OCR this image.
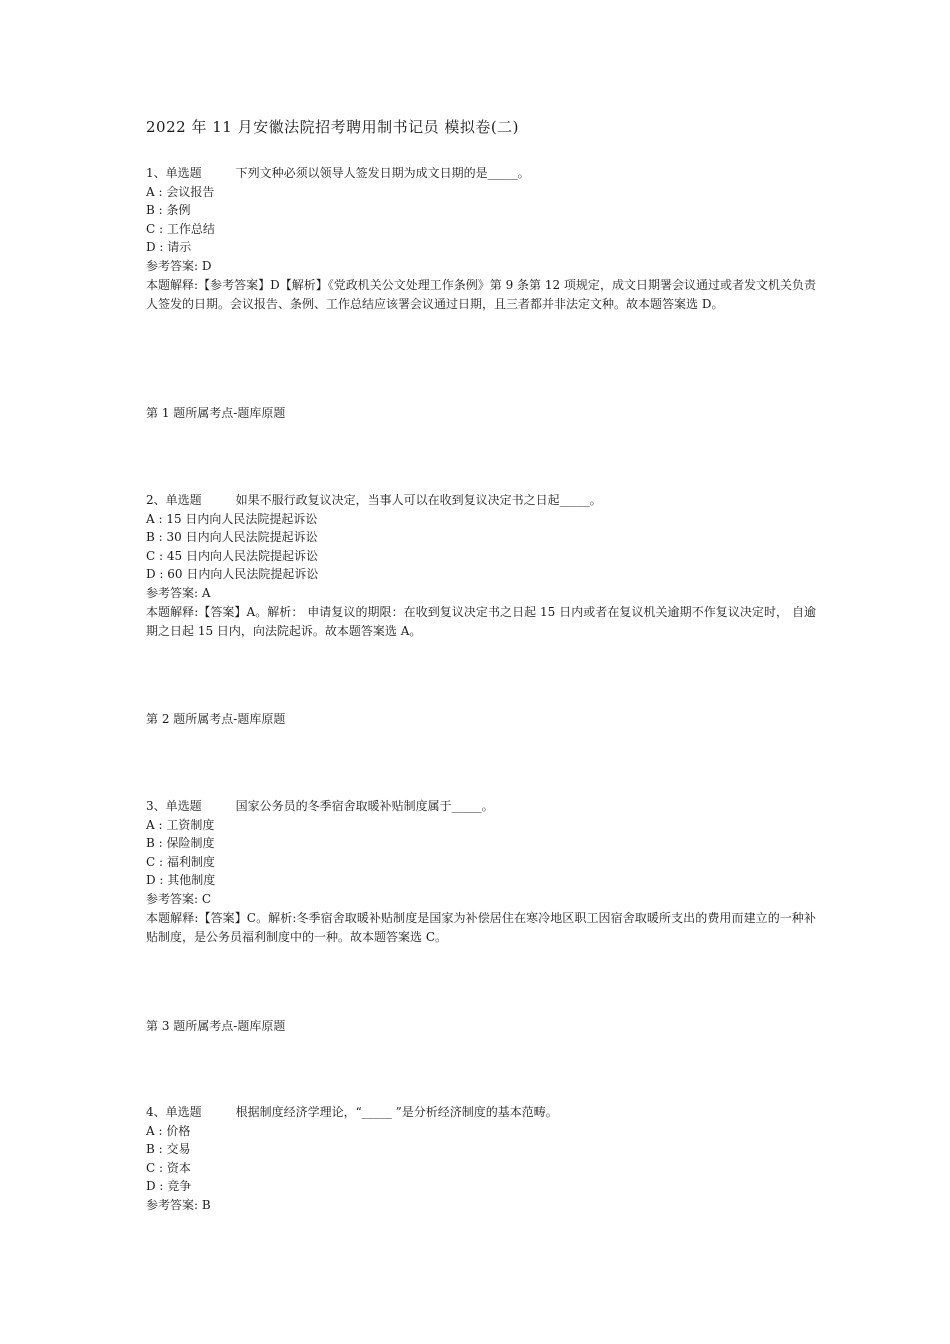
2022 年 11 月安徽法院招考聘用制书记员 模拟卷(二)
1、单选题	下列文种必须以领导人签发日期为成文日期的是_____。
A : 会议报告
B : 条例
C : 工作总结
D : 请示
参考答案: D
本题解释:【参考答案】D【解析】《党政机关公文处理工作条例》第 9 条第 12 项规定，成文日期署会议通过或者发文机关负责人签发的日期。会议报告、条例、工作总结应该署会议通过日期，且三者都并非法定文种。故本题答案选 D。
第 1 题所属考点-题库原题
2、单选题	如果不服行政复议决定，当事人可以在收到复议决定书之日起_____。
A : 15 日内向人民法院提起诉讼
B : 30 日内向人民法院提起诉讼
C : 45 日内向人民法院提起诉讼
D : 60 日内向人民法院提起诉讼
参考答案: A
本题解释:【答案】A。解析： 申请复议的期限：在收到复议决定书之日起 15 日内或者在复议机关逾期不作复议决定时， 自逾期之日起 15 日内，向法院起诉。故本题答案选 A。
第 2 题所属考点-题库原题
3、单选题	国家公务员的冬季宿舍取暖补贴制度属于_____。
A : 工资制度
B : 保险制度
C : 福利制度
D : 其他制度
参考答案: C
本题解释:【答案】C。解析:冬季宿舍取暖补贴制度是国家为补偿居住在寒冷地区职工因宿舍取暖所支出的费用而建立的一种补贴制度，是公务员福利制度中的一种。故本题答案选 C。
第 3 题所属考点-题库原题
4、单选题	根据制度经济学理论，“_____ ”是分析经济制度的基本范畴。
A : 价格
B : 交易
C : 资本
D : 竞争
参考答案: B
